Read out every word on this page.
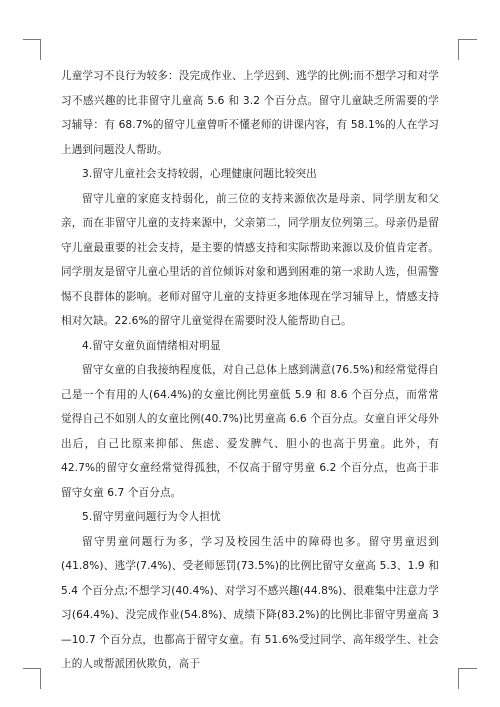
儿童学习不良行为较多：没完成作业、上学迟到、逃学的比例;而不想学习和对学习不感兴趣的比非留守儿童高 5.6 和 3.2 个百分点。留守儿童缺乏所需要的学习辅导：有 68.7%的留守儿童曾听不懂老师的讲课内容，有 58.1%的人在学习上遇到问题没人帮助。

3.留守儿童社会支持较弱，心理健康问题比较突出

留守儿童的家庭支持弱化，前三位的支持来源依次是母亲、同学朋友和父亲，而在非留守儿童的支持来源中，父亲第二，同学朋友位列第三。母亲仍是留守儿童最重要的社会支持，是主要的情感支持和实际帮助来源以及价值肯定者。同学朋友是留守儿童心里话的首位倾诉对象和遇到困难的第一求助人选，但需警惕不良群体的影响。老师对留守儿童的支持更多地体现在学习辅导上，情感支持相对欠缺。22.6%的留守儿童觉得在需要时没人能帮助自己。

4.留守女童负面情绪相对明显

留守女童的自我接纳程度低，对自己总体上感到满意(76.5%)和经常觉得自己是一个有用的人(64.4%)的女童比例比男童低 5.9 和 8.6 个百分点，而常常觉得自己不如别人的女童比例(40.7%)比男童高 6.6 个百分点。女童自评父母外出后，自己比原来抑郁、焦虑、爱发脾气、胆小的也高于男童。此外，有 42.7%的留守女童经常觉得孤独，不仅高于留守男童 6.2 个百分点，也高于非留守女童 6.7 个百分点。

5.留守男童问题行为令人担忧

留守男童问题行为多，学习及校园生活中的障碍也多。留守男童迟到(41.8%)、逃学(7.4%)、受老师惩罚(73.5%)的比例比留守女童高 5.3、1.9 和 5.4 个百分点;不想学习(40.4%)、对学习不感兴趣(44.8%)、很难集中注意力学习(64.4%)、没完成作业(54.8%)、成绩下降(83.2%)的比例比非留守男童高 3—10.7 个百分点，也都高于留守女童。有 51.6%受过同学、高年级学生、社会上的人或帮派团伙欺负，高于
